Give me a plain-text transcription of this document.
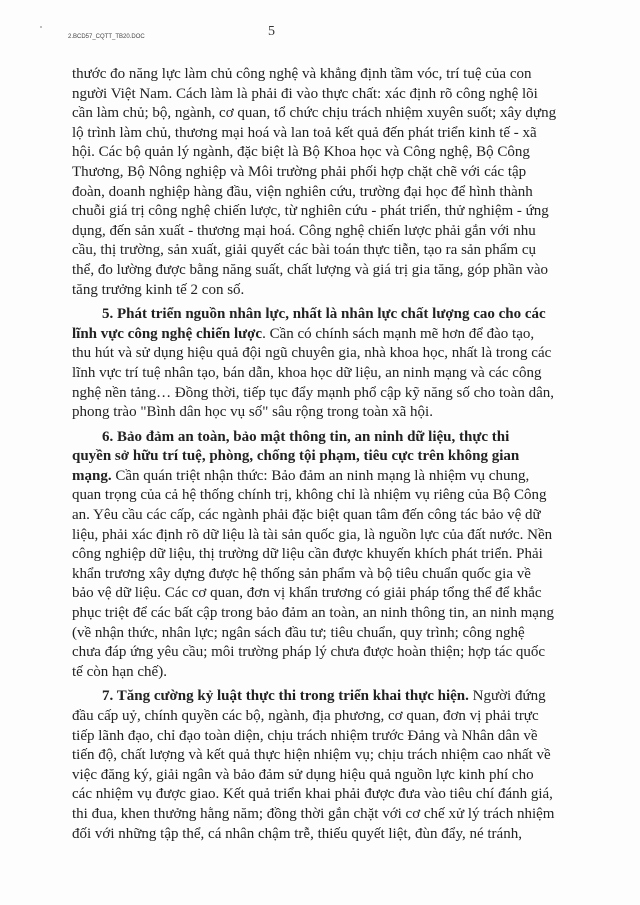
2.BCD57_CQTT_TB20.DOC	5
thước đo năng lực làm chủ công nghệ và khẳng định tầm vóc, trí tuệ của con
người Việt Nam. Cách làm là phải đi vào thực chất: xác định rõ công nghệ lõi
cần làm chủ; bộ, ngành, cơ quan, tổ chức chịu trách nhiệm xuyên suốt; xây dựng
lộ trình làm chủ, thương mại hoá và lan toả kết quả đến phát triển kinh tế - xã
hội. Các bộ quản lý ngành, đặc biệt là Bộ Khoa học và Công nghệ, Bộ Công
Thương, Bộ Nông nghiệp và Môi trường phải phối hợp chặt chẽ với các tập
đoàn, doanh nghiệp hàng đầu, viện nghiên cứu, trường đại học để hình thành
chuỗi giá trị công nghệ chiến lược, từ nghiên cứu - phát triển, thử nghiệm - ứng
dụng, đến sản xuất - thương mại hoá. Công nghệ chiến lược phải gắn với nhu
cầu, thị trường, sản xuất, giải quyết các bài toán thực tiễn, tạo ra sản phẩm cụ
thể, đo lường được bằng năng suất, chất lượng và giá trị gia tăng, góp phần vào
tăng trưởng kinh tế 2 con số.
5. Phát triển nguồn nhân lực, nhất là nhân lực chất lượng cao cho các
lĩnh vực công nghệ chiến lược. Cần có chính sách mạnh mẽ hơn để đào tạo,
thu hút và sử dụng hiệu quả đội ngũ chuyên gia, nhà khoa học, nhất là trong các
lĩnh vực trí tuệ nhân tạo, bán dẫn, khoa học dữ liệu, an ninh mạng và các công
nghệ nền tảng… Đồng thời, tiếp tục đẩy mạnh phổ cập kỹ năng số cho toàn dân,
phong trào "Bình dân học vụ số" sâu rộng trong toàn xã hội.
6. Bảo đảm an toàn, bảo mật thông tin, an ninh dữ liệu, thực thi
quyền sở hữu trí tuệ, phòng, chống tội phạm, tiêu cực trên không gian
mạng. Cần quán triệt nhận thức: Bảo đảm an ninh mạng là nhiệm vụ chung,
quan trọng của cả hệ thống chính trị, không chỉ là nhiệm vụ riêng của Bộ Công
an. Yêu cầu các cấp, các ngành phải đặc biệt quan tâm đến công tác bảo vệ dữ
liệu, phải xác định rõ dữ liệu là tài sản quốc gia, là nguồn lực của đất nước. Nền
công nghiệp dữ liệu, thị trường dữ liệu cần được khuyến khích phát triển. Phải
khẩn trương xây dựng được hệ thống sản phẩm và bộ tiêu chuẩn quốc gia về
bảo vệ dữ liệu. Các cơ quan, đơn vị khẩn trương có giải pháp tổng thể để khắc
phục triệt để các bất cập trong bảo đảm an toàn, an ninh thông tin, an ninh mạng
(về nhận thức, nhân lực; ngân sách đầu tư; tiêu chuẩn, quy trình; công nghệ
chưa đáp ứng yêu cầu; môi trường pháp lý chưa được hoàn thiện; hợp tác quốc
tế còn hạn chế).
7. Tăng cường kỷ luật thực thi trong triển khai thực hiện. Người đứng
đầu cấp uỷ, chính quyền các bộ, ngành, địa phương, cơ quan, đơn vị phải trực
tiếp lãnh đạo, chỉ đạo toàn diện, chịu trách nhiệm trước Đảng và Nhân dân về
tiến độ, chất lượng và kết quả thực hiện nhiệm vụ; chịu trách nhiệm cao nhất về
việc đăng ký, giải ngân và bảo đảm sử dụng hiệu quả nguồn lực kinh phí cho
các nhiệm vụ được giao. Kết quả triển khai phải được đưa vào tiêu chí đánh giá,
thi đua, khen thưởng hằng năm; đồng thời gắn chặt với cơ chế xử lý trách nhiệm
đối với những tập thể, cá nhân chậm trễ, thiếu quyết liệt, đùn đẩy, né tránh,
